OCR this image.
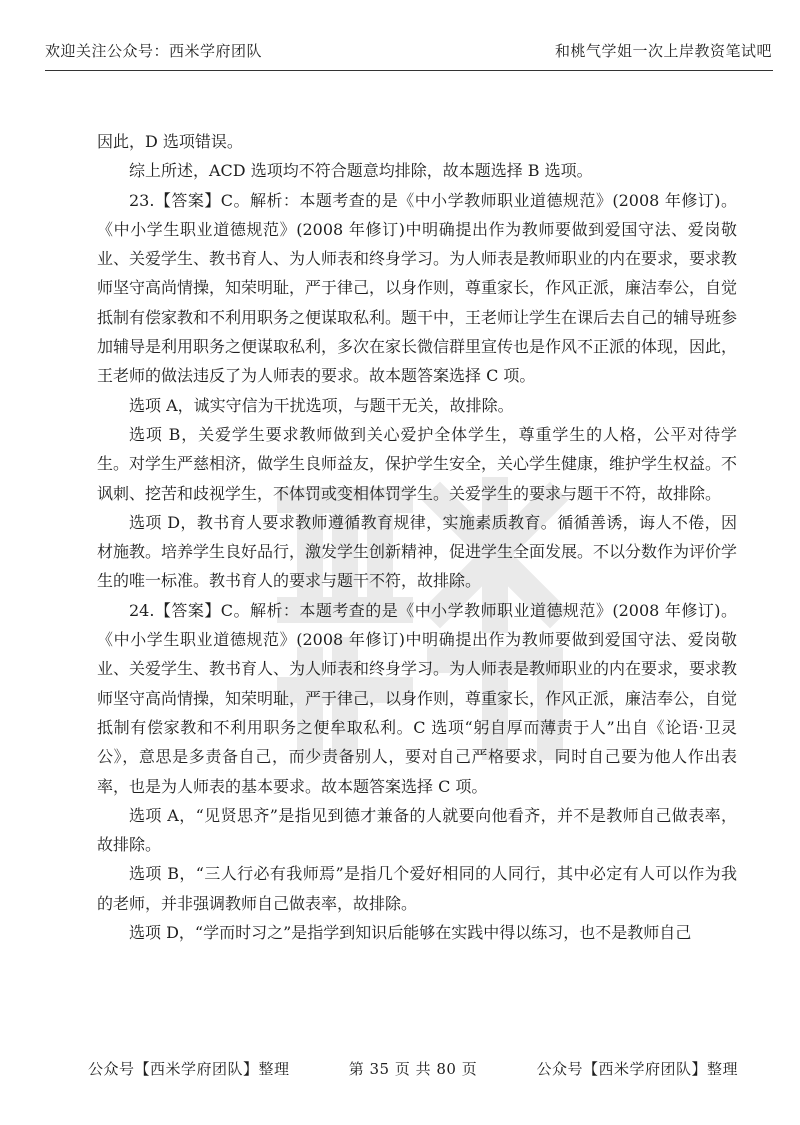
欢迎关注公众号：西米学府团队	和桃气学姐一次上岸教资笔试吧

因此，D 选项错误。

综上所述，ACD 选项均不符合题意均排除，故本题选择 B 选项。

23.【答案】C。解析：本题考查的是《中小学教师职业道德规范》(2008 年修订)。《中小学生职业道德规范》(2008 年修订)中明确提出作为教师要做到爱国守法、爱岗敬业、关爱学生、教书育人、为人师表和终身学习。为人师表是教师职业的内在要求，要求教师坚守高尚情操，知荣明耻，严于律己，以身作则，尊重家长，作风正派，廉洁奉公，自觉抵制有偿家教和不利用职务之便谋取私利。题干中，王老师让学生在课后去自己的辅导班参加辅导是利用职务之便谋取私利，多次在家长微信群里宣传也是作风不正派的体现，因此，王老师的做法违反了为人师表的要求。故本题答案选择 C 项。

选项 A，诚实守信为干扰选项，与题干无关，故排除。

选项 B，关爱学生要求教师做到关心爱护全体学生，尊重学生的人格，公平对待学生。对学生严慈相济，做学生良师益友，保护学生安全，关心学生健康，维护学生权益。不讽刺、挖苦和歧视学生，不体罚或变相体罚学生。关爱学生的要求与题干不符，故排除。

选项 D，教书育人要求教师遵循教育规律，实施素质教育。循循善诱，诲人不倦，因材施教。培养学生良好品行，激发学生创新精神，促进学生全面发展。不以分数作为评价学生的唯一标准。教书育人的要求与题干不符，故排除。

24.【答案】C。解析：本题考查的是《中小学教师职业道德规范》(2008 年修订)。《中小学生职业道德规范》(2008 年修订)中明确提出作为教师要做到爱国守法、爱岗敬业、关爱学生、教书育人、为人师表和终身学习。为人师表是教师职业的内在要求，要求教师坚守高尚情操，知荣明耻，严于律己，以身作则，尊重家长，作风正派，廉洁奉公，自觉抵制有偿家教和不利用职务之便牟取私利。C 选项“躬自厚而薄责于人”出自《论语·卫灵公》，意思是多责备自己，而少责备别人，要对自己严格要求，同时自己要为他人作出表率，也是为人师表的基本要求。故本题答案选择 C 项。

选项 A，“见贤思齐”是指见到德才兼备的人就要向他看齐，并不是教师自己做表率，故排除。

选项 B，“三人行必有我师焉”是指几个爱好相同的人同行，其中必定有人可以作为我的老师，并非强调教师自己做表率，故排除。

选项 D，“学而时习之”是指学到知识后能够在实践中得以练习，也不是教师自己

公众号【西米学府团队】整理	第 35 页 共 80 页	公众号【西米学府团队】整理
